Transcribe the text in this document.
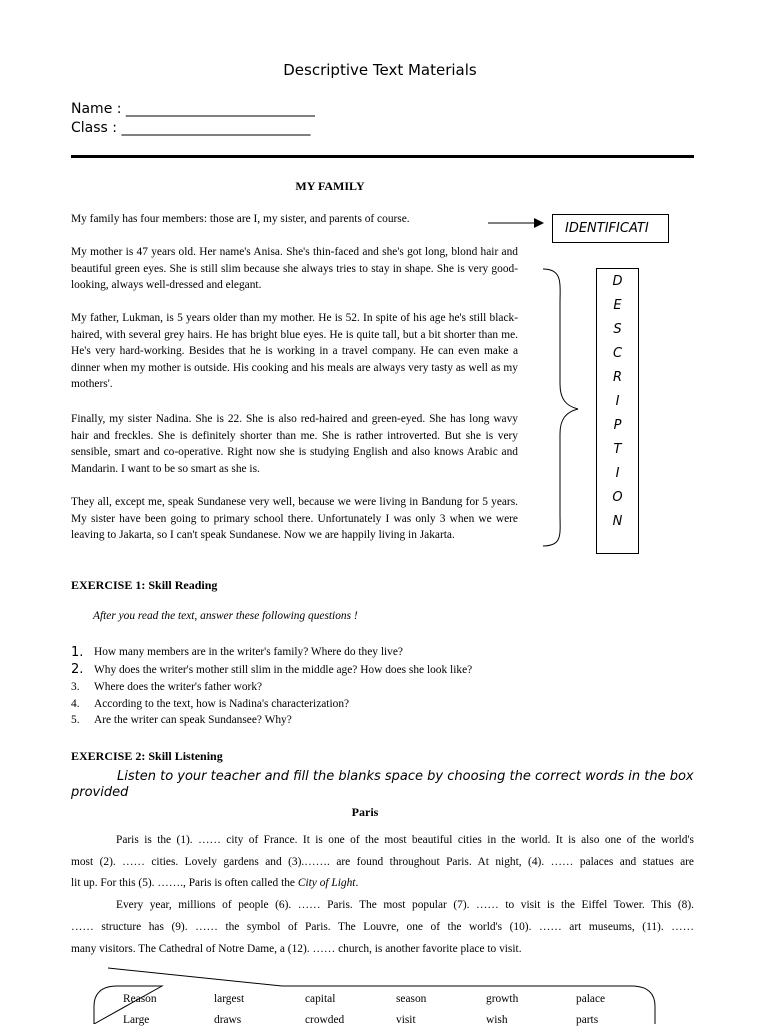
Descriptive Text Materials
Name : ___________________________
Class : ___________________________
MY FAMILY
My family has four members: those are I, my sister, and parents of course.
My mother is 47 years old. Her name's Anisa. She's thin-faced and she's got long, blond hair and beautiful green eyes. She is still slim because she always tries to stay in shape. She is very good-looking, always well-dressed and elegant.
My father, Lukman, is 5 years older than my mother. He is 52. In spite of his age he's still black-haired, with several grey hairs. He has bright blue eyes. He is quite tall, but a bit shorter than me. He's very hard-working. Besides that he is working in a travel company. He can even make a dinner when my mother is outside. His cooking and his meals are always very tasty as well as my mothers'.
Finally, my sister Nadina. She is 22. She is also red-haired and green-eyed. She has long wavy hair and freckles. She is definitely shorter than me. She is rather introverted. But she is very sensible, smart and co-operative. Right now she is studying English and also knows Arabic and Mandarin. I want to be so smart as she is.
They all, except me, speak Sundanese very well, because we were living in Bandung for 5 years. My sister have been going to primary school there. Unfortunately I was only 3 when we were leaving to Jakarta, so I can't speak Sundanese. Now we are happily living in Jakarta.
IDENTIFICATI
D
E
S
C
R
I
P
T
I
O
N
EXERCISE 1: Skill Reading
After you read the text, answer these following questions !
1. How many members are in the writer's family? Where do they live?
2. Why does the writer's mother still slim in the middle age? How does she look like?
3.	Where does the writer's father work?
4.	According to the text, how is Nadina's characterization?
5.	Are the writer can speak Sundansee? Why?
EXERCISE 2: Skill Listening
Listen to your teacher and fill the blanks space by choosing the correct words in the box provided
Paris
Paris is the (1). …… city of France. It is one of the most beautiful cities in the world. It is also one of the world's
most (2). …… cities. Lovely gardens and (3).……. are found throughout Paris. At night, (4). …… palaces and statues are
lit up. For this (5). ……., Paris is often called the City of Light.
Every year, millions of people (6). …… Paris. The most popular (7). …… to visit is the Eiffel Tower. This (8).
…… structure has (9). …… the symbol of Paris. The Louvre, one of the world's (10). …… art museums, (11). ……
many visitors. The Cathedral of Notre Dame, a (12). …… church, is another favorite place to visit.
Reason	largest	capital	season	growth	palace
Large	draws	crowded	visit	wish	parts
